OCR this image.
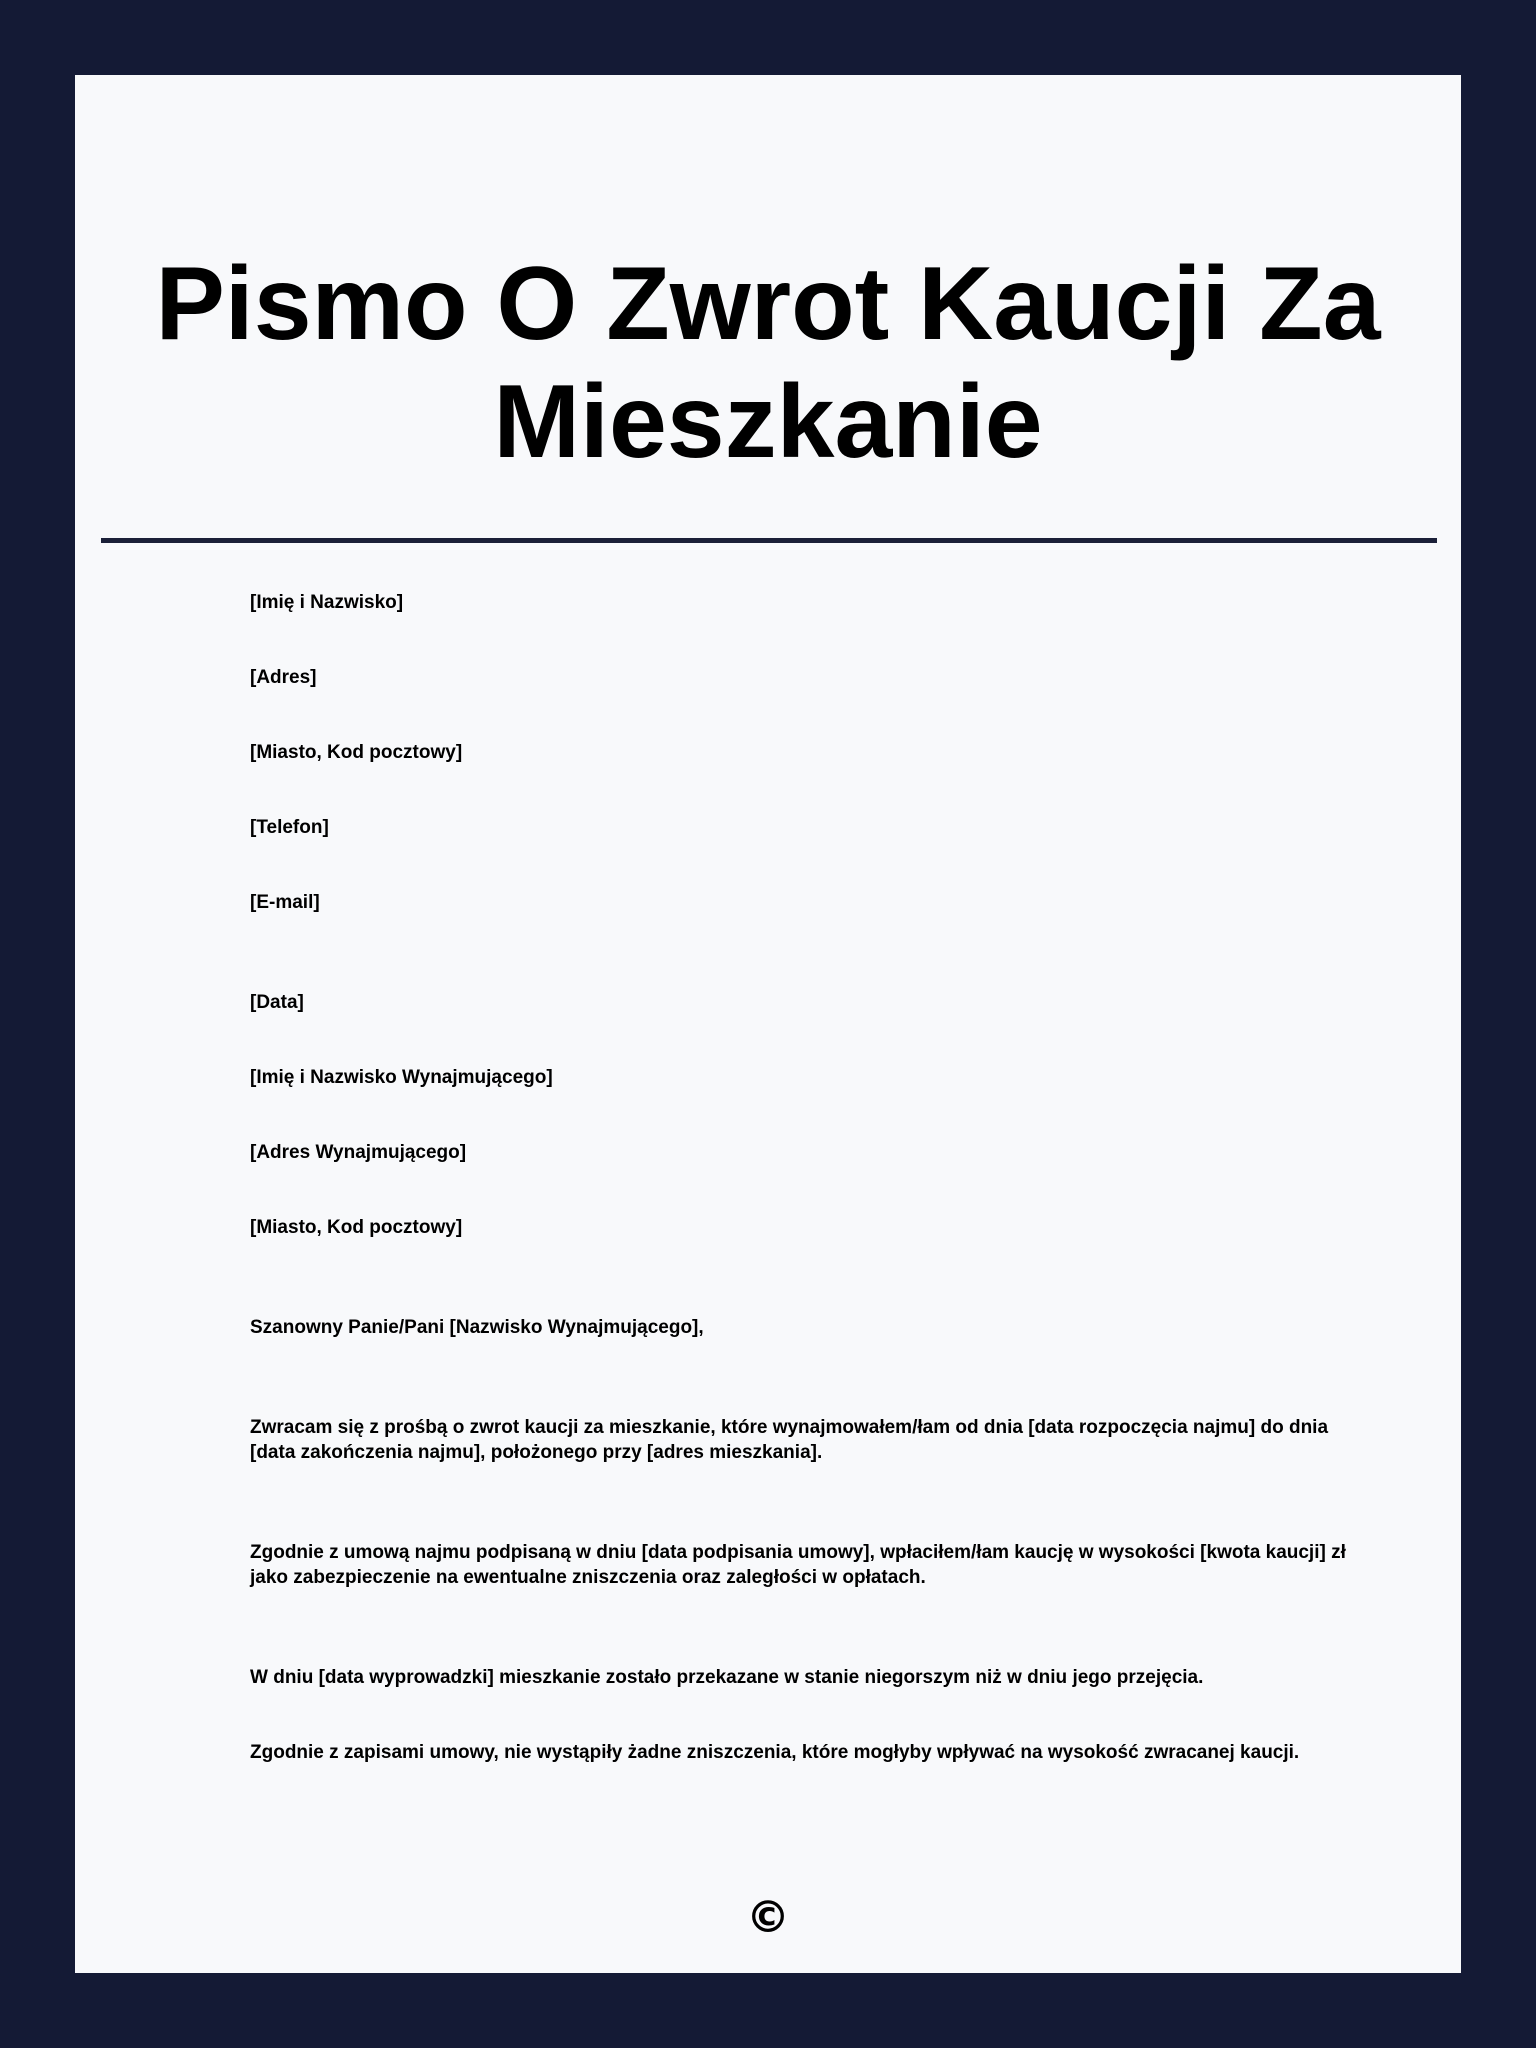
Pismo O Zwrot Kaucji Za Mieszkanie

[Imię i Nazwisko]

[Adres]

[Miasto, Kod pocztowy]

[Telefon]

[E-mail]

[Data]

[Imię i Nazwisko Wynajmującego]

[Adres Wynajmującego]

[Miasto, Kod pocztowy]

Szanowny Panie/Pani [Nazwisko Wynajmującego],

Zwracam się z prośbą o zwrot kaucji za mieszkanie, które wynajmowałem/łam od dnia [data rozpoczęcia najmu] do dnia [data zakończenia najmu], położonego przy [adres mieszkania].

Zgodnie z umową najmu podpisaną w dniu [data podpisania umowy], wpłaciłem/łam kaucję w wysokości [kwota kaucji] zł jako zabezpieczenie na ewentualne zniszczenia oraz zaległości w opłatach.

W dniu [data wyprowadzki] mieszkanie zostało przekazane w stanie niegorszym niż w dniu jego przejęcia.

Zgodnie z zapisami umowy, nie wystąpiły żadne zniszczenia, które mogłyby wpływać na wysokość zwracanej kaucji.

©
